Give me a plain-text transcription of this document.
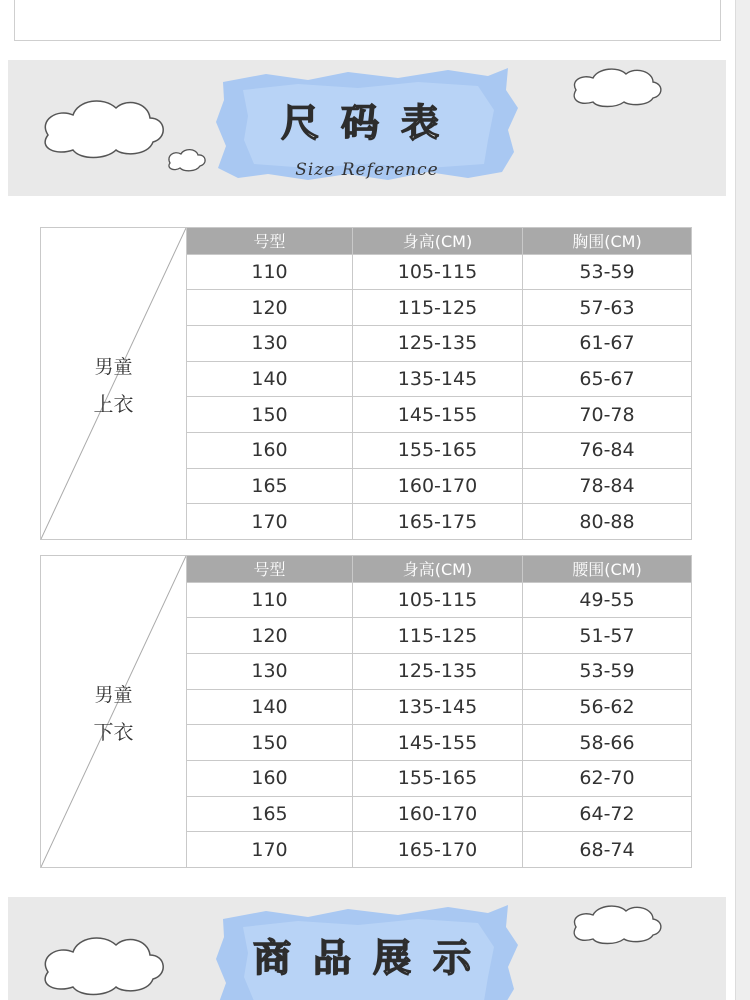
尺码表
Size Reference
男童
上衣	号型	身高(CM)	胸围(CM)
	110	105-115	53-59
	120	115-125	57-63
	130	125-135	61-67
	140	135-145	65-67
	150	145-155	70-78
	160	155-165	76-84
	165	160-170	78-84
	170	165-175	80-88
男童
下衣	号型	身高(CM)	腰围(CM)
	110	105-115	49-55
	120	115-125	51-57
	130	125-135	53-59
	140	135-145	56-62
	150	145-155	58-66
	160	155-165	62-70
	165	160-170	64-72
	170	165-170	68-74
商品展示
